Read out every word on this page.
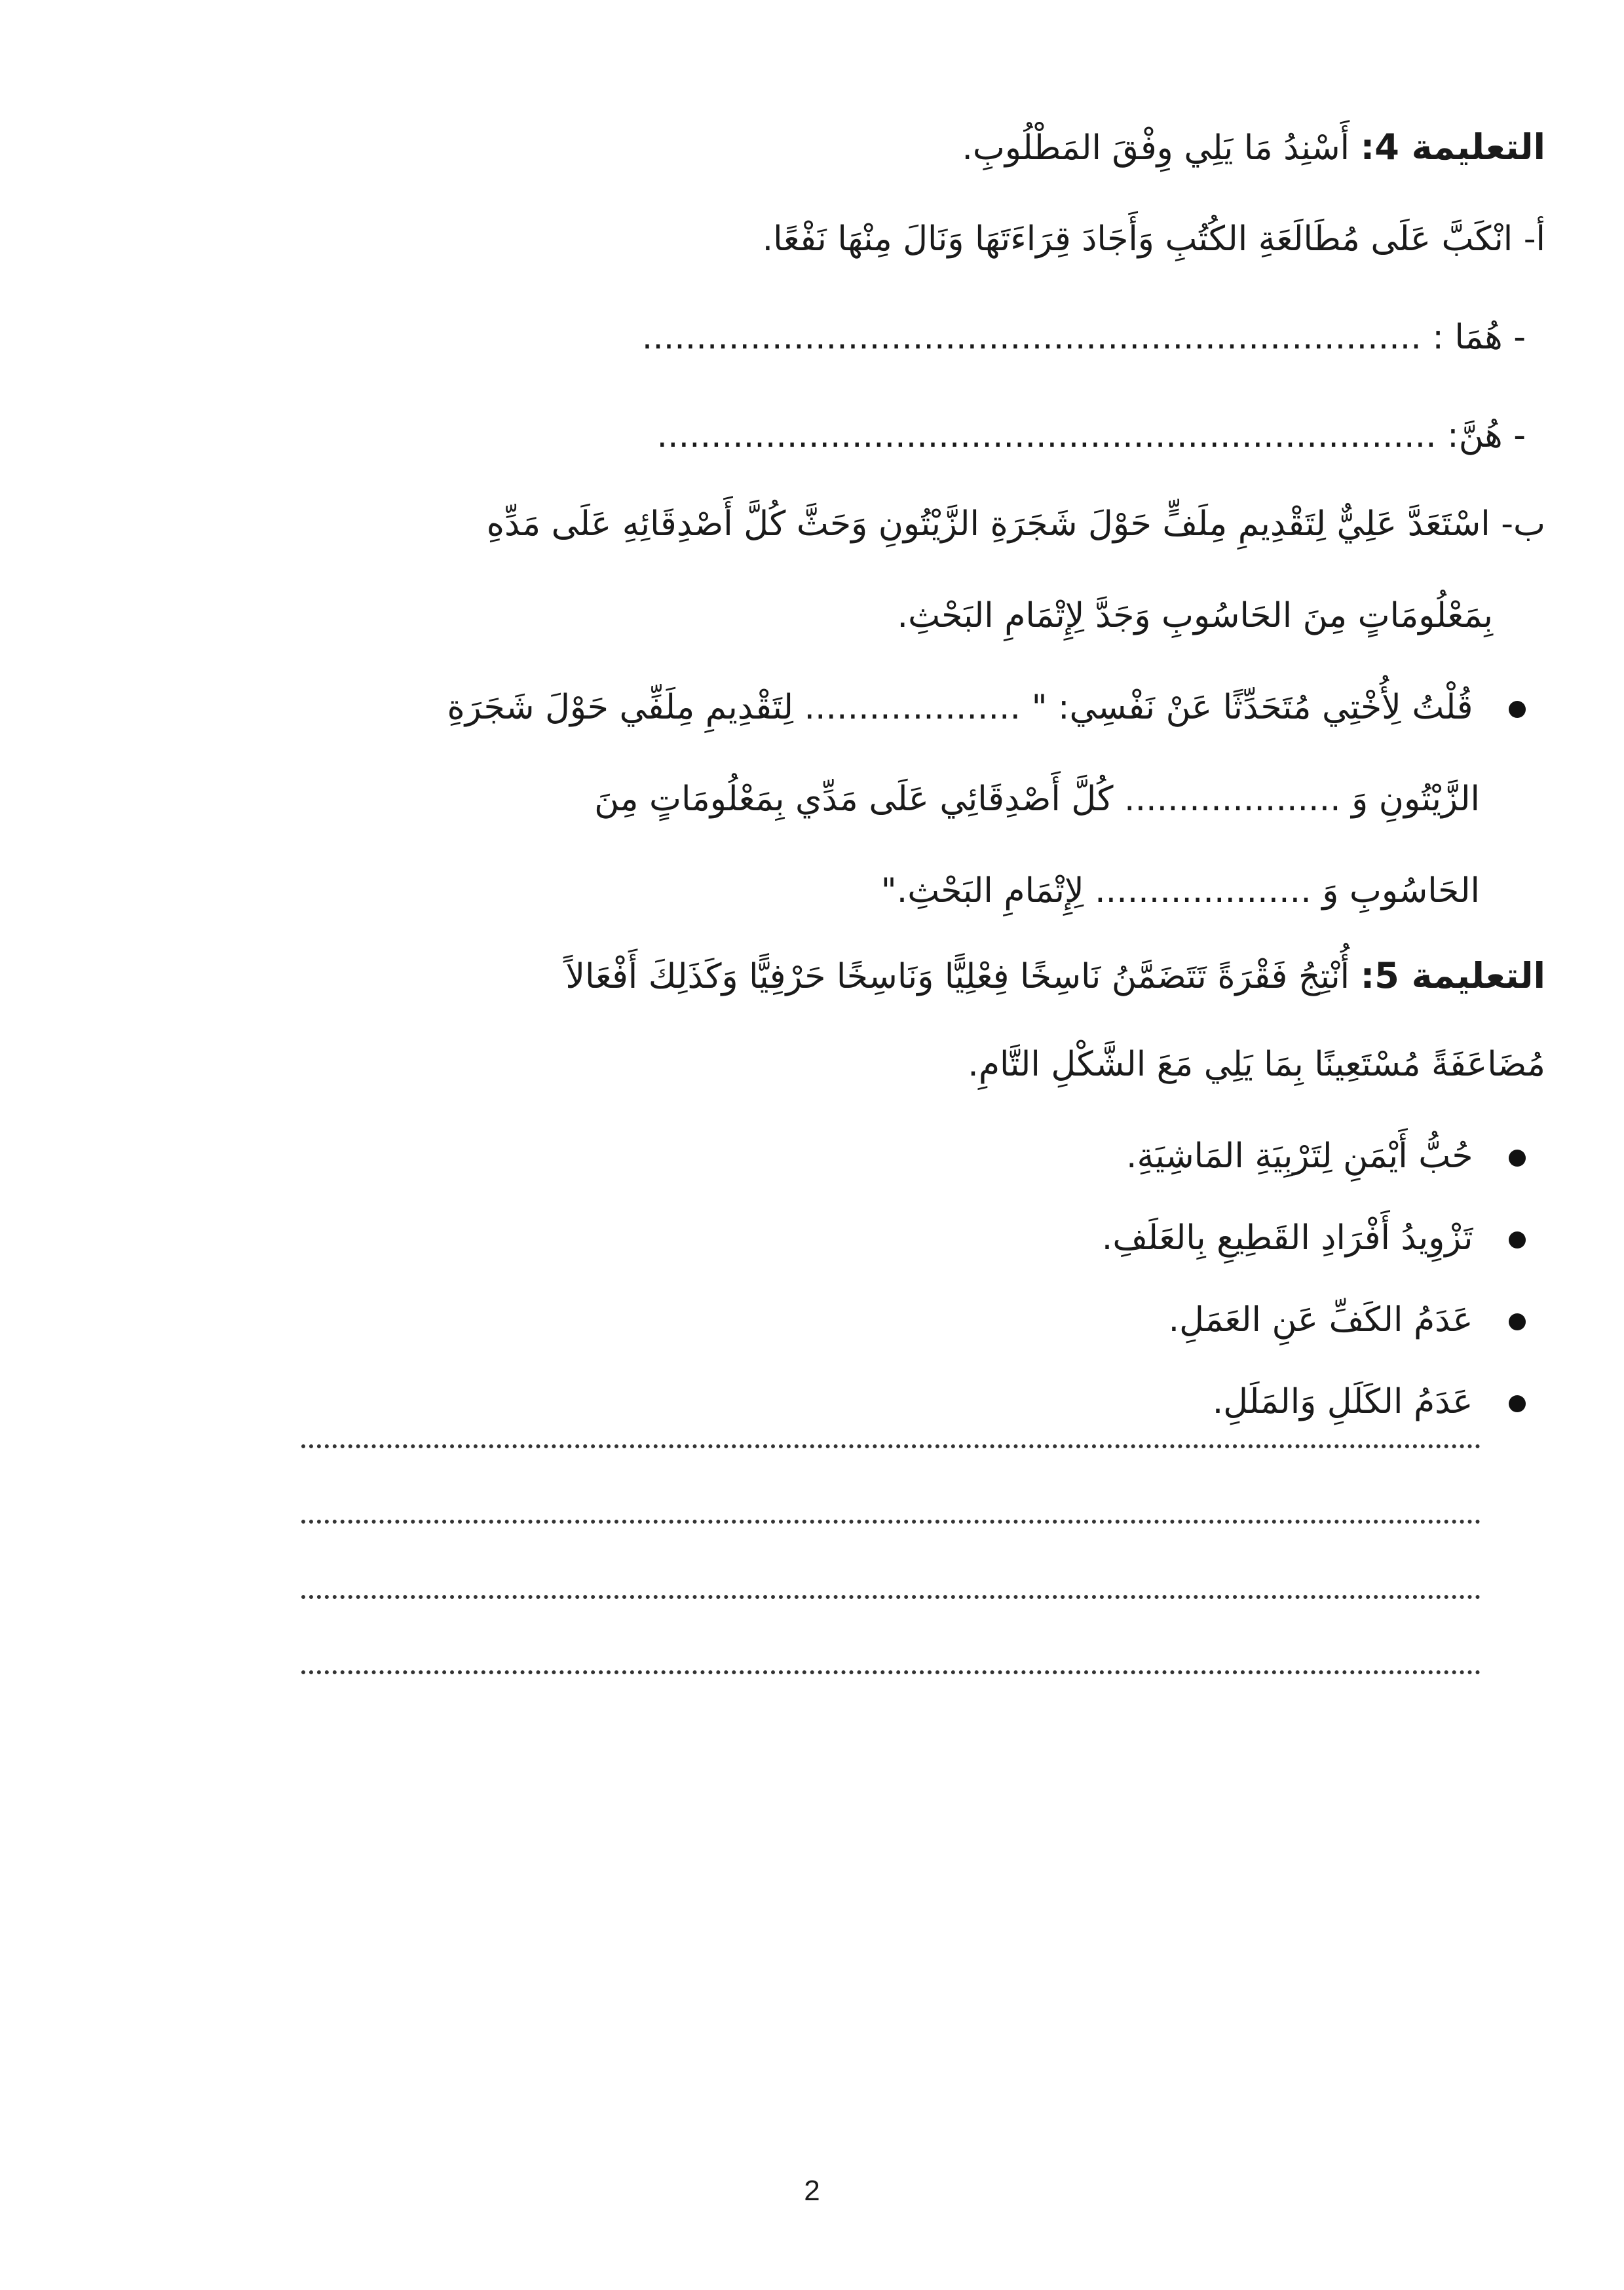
التعليمة 4: أَسْنِدُ مَا يَلِي وِفْقَ المَطْلُوبِ.
أ- انْكَبَّ عَلَى مُطَالَعَةِ الكُتُبِ وَأَجَادَ قِرَاءَتَهَا وَنَالَ مِنْهَا نَفْعًا.
- هُمَا : ........................................................................
- هُنَّ: ........................................................................
ب- اسْتَعَدَّ عَلِيٌّ لِتَقْدِيمِ مِلَفٍّ حَوْلَ شَجَرَةِ الزَّيْتُونِ وَحَثَّ كُلَّ أَصْدِقَائِهِ عَلَى مَدِّهِ
بِمَعْلُومَاتٍ مِنَ الحَاسُوبِ وَجَدَّ لِإِتْمَامِ البَحْثِ.
قُلْتُ لِأُخْتِي مُتَحَدِّثًا عَنْ نَفْسِي: " .................... لِتَقْدِيمِ مِلَفِّي حَوْلَ شَجَرَةِ
الزَّيْتُونِ وَ .................... كُلَّ أَصْدِقَائِي عَلَى مَدِّي بِمَعْلُومَاتٍ مِنَ
الحَاسُوبِ وَ .................... لِإِتْمَامِ البَحْثِ."
التعليمة 5: أُنْتِجُ فَقْرَةً تَتَضَمَّنُ نَاسِخًا فِعْلِيًّا وَنَاسِخًا حَرْفِيًّا وَكَذَلِكَ أَفْعَالاً
مُضَاعَفَةً مُسْتَعِينًا بِمَا يَلِي مَعَ الشَّكْلِ التَّامِ.
حُبُّ أَيْمَنِ لِتَرْبِيَةِ المَاشِيَةِ.
تَزْوِيدُ أَفْرَادِ القَطِيعِ بِالعَلَفِ.
عَدَمُ الكَفِّ عَنِ العَمَلِ.
عَدَمُ الكَلَلِ وَالمَلَلِ.
2
